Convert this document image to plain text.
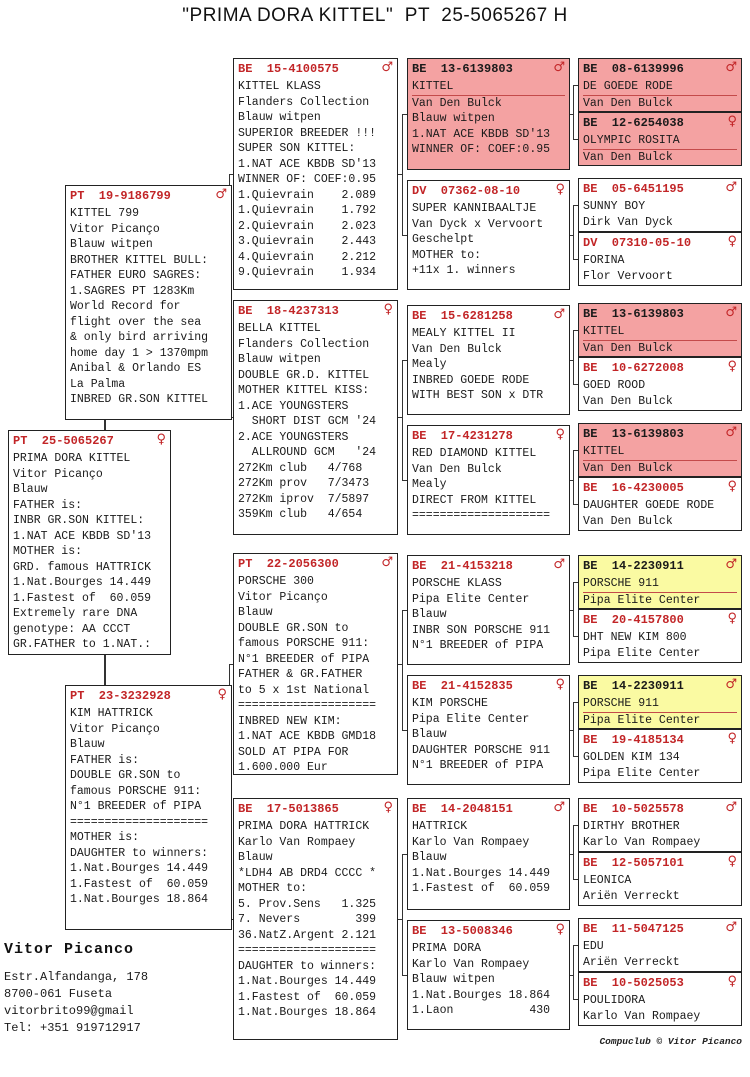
"PRIMA DORA KITTEL"  PT  25-5065267 H
PT  25-5065267	♀
PRIMA DORA KITTEL
Vitor Picanço
Blauw
FATHER is:
INBR GR.SON KITTEL:
1.NAT ACE KBDB SD'13
MOTHER is:
GRD. famous HATTRICK
1.Nat.Bourges 14.449
1.Fastest of  60.059
Extremely rare DNA
genotype: AA CCCT
GR.FATHER to 1.NAT.:
PT  19-9186799	♂
KITTEL 799
Vitor Picanço
Blauw witpen
BROTHER KITTEL BULL:
FATHER EURO SAGRES:
1.SAGRES PT 1283Km
World Record for
flight over the sea
& only bird arriving
home day 1 > 1370mpm
Anibal & Orlando ES
La Palma
INBRED GR.SON KITTEL
PT  23-3232928	♀
KIM HATTRICK
Vitor Picanço
Blauw
FATHER is:
DOUBLE GR.SON to
famous PORSCHE 911:
N°1 BREEDER of PIPA
====================
MOTHER is:
DAUGHTER to winners:
1.Nat.Bourges 14.449
1.Fastest of  60.059
1.Nat.Bourges 18.864
BE  15-4100575	♂
KITTEL KLASS
Flanders Collection
Blauw witpen
SUPERIOR BREEDER !!!
SUPER SON KITTEL:
1.NAT ACE KBDB SD'13
WINNER OF: COEF:0.95
1.Quievrain    2.089
1.Quievrain    1.792
2.Quievrain    2.023
3.Quievrain    2.443
4.Quievrain    2.212
9.Quievrain    1.934
BE  18-4237313	♀
BELLA KITTEL
Flanders Collection
Blauw witpen
DOUBLE GR.D. KITTEL
MOTHER KITTEL KISS:
1.ACE YOUNGSTERS
SHORT DIST GCM '24
2.ACE YOUNGSTERS
ALLROUND GCM   '24
272Km club   4/768
272Km prov   7/3473
272Km iprov  7/5897
359Km club   4/654
PT  22-2056300	♂
PORSCHE 300
Vitor Picanço
Blauw
DOUBLE GR.SON to
famous PORSCHE 911:
N°1 BREEDER of PIPA
FATHER & GR.FATHER
to 5 x 1st National
====================
INBRED NEW KIM:
1.NAT ACE KBDB GMD18
SOLD AT PIPA FOR
1.600.000 Eur
BE  17-5013865	♀
PRIMA DORA HATTRICK
Karlo Van Rompaey
Blauw
*LDH4 AB DRD4 CCCC *
MOTHER to:
5. Prov.Sens   1.325
7. Nevers        399
36.NatZ.Argent 2.121
====================
DAUGHTER to winners:
1.Nat.Bourges 14.449
1.Fastest of  60.059
1.Nat.Bourges 18.864
BE  13-6139803	♂
KITTEL
Van Den Bulck
Blauw witpen
1.NAT ACE KBDB SD'13
WINNER OF: COEF:0.95
DV  07362-08-10	♀
SUPER KANNIBAALTJE
Van Dyck x Vervoort
Geschelpt
MOTHER to:
+11x 1. winners
BE  15-6281258	♂
MEALY KITTEL II
Van Den Bulck
Mealy
INBRED GOEDE RODE
WITH BEST SON x DTR
BE  17-4231278	♀
RED DIAMOND KITTEL
Van Den Bulck
Mealy
DIRECT FROM KITTEL
====================
BE  21-4153218	♂
PORSCHE KLASS
Pipa Elite Center
Blauw
INBR SON PORSCHE 911
N°1 BREEDER of PIPA
BE  21-4152835	♀
KIM PORSCHE
Pipa Elite Center
Blauw
DAUGHTER PORSCHE 911
N°1 BREEDER of PIPA
BE  14-2048151	♂
HATTRICK
Karlo Van Rompaey
Blauw
1.Nat.Bourges 14.449
1.Fastest of  60.059
BE  13-5008346	♀
PRIMA DORA
Karlo Van Rompaey
Blauw witpen
1.Nat.Bourges 18.864
1.Laon           430
BE  08-6139996	♂
DE GOEDE RODE
Van Den Bulck
BE  12-6254038	♀
OLYMPIC ROSITA
Van Den Bulck
BE  05-6451195	♂
SUNNY BOY
Dirk Van Dyck
DV  07310-05-10	♀
FORINA
Flor Vervoort
BE  13-6139803	♂
KITTEL
Van Den Bulck
BE  10-6272008	♀
GOED ROOD
Van Den Bulck
BE  13-6139803	♂
KITTEL
Van Den Bulck
BE  16-4230005	♀
DAUGHTER GOEDE RODE
Van Den Bulck
BE  14-2230911	♂
PORSCHE 911
Pipa Elite Center
BE  20-4157800	♀
DHT NEW KIM 800
Pipa Elite Center
BE  14-2230911	♂
PORSCHE 911
Pipa Elite Center
BE  19-4185134	♀
GOLDEN KIM 134
Pipa Elite Center
BE  10-5025578	♂
DIRTHY BROTHER
Karlo Van Rompaey
BE  12-5057101	♀
LEONICA
Ariën Verreckt
BE  11-5047125	♂
EDU
Ariën Verreckt
BE  10-5025053	♀
POULIDORA
Karlo Van Rompaey
Vitor Picanco
Estr.Alfandanga, 178
8700-061 Fuseta
vitorbrito99@gmail
Tel: +351 919712917
Compuclub © Vitor Picanco
